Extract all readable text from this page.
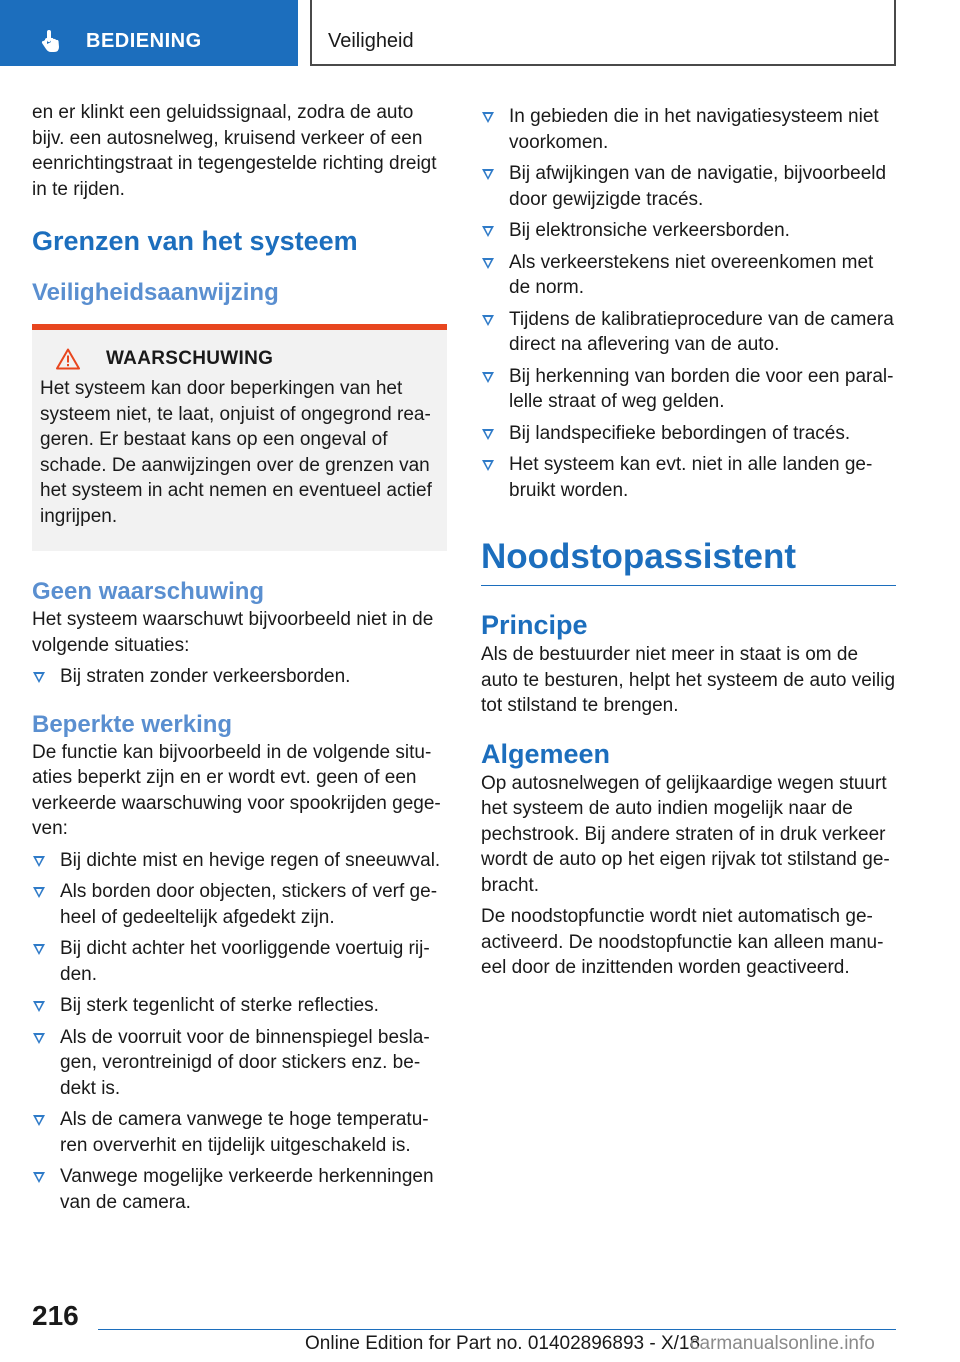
BEDIENING	Veiligheid

en er klinkt een geluidssignaal, zodra de auto bijv. een autosnelweg, kruisend verkeer of een eenrichtingstraat in tegengestelde richting dreigt in te rijden.

Grenzen van het systeem
Veiligheidsaanwijzing
WAARSCHUWING

Het systeem kan door beperkingen van het systeem niet, te laat, onjuist of ongegrond reageren. Er bestaat kans op een ongeval of schade. De aanwijzingen over de grenzen van het systeem in acht nemen en eventueel actief ingrijpen.

Geen waarschuwing

Het systeem waarschuwt bijvoorbeeld niet in de volgende situaties:

Bij straten zonder verkeersborden.
Beperkte werking

De functie kan bijvoorbeeld in de volgende situaties beperkt zijn en er wordt evt. geen of een verkeerde waarschuwing voor spookrijden gegeven:

Bij dichte mist en hevige regen of sneeuwval.
Als borden door objecten, stickers of verf geheel of gedeeltelijk afgedekt zijn.
Bij dicht achter het voorliggende voertuig rijden.
Bij sterk tegenlicht of sterke reflecties.
Als de voorruit voor de binnenspiegel beslagen, verontreinigd of door stickers enz. bedekt is.
Als de camera vanwege te hoge temperaturen oververhit en tijdelijk uitgeschakeld is.
Vanwege mogelijke verkeerde herkenningen van de camera.
In gebieden die in het navigatiesysteem niet voorkomen.
Bij afwijkingen van de navigatie, bijvoorbeeld door gewijzigde tracés.
Bij elektronsiche verkeersborden.
Als verkeerstekens niet overeenkomen met de norm.
Tijdens de kalibratieprocedure van de camera direct na aflevering van de auto.
Bij herkenning van borden die voor een parallelle straat of weg gelden.
Bij landspecifieke bebordingen of tracés.
Het systeem kan evt. niet in alle landen gebruikt worden.
Noodstopassistent
Principe

Als de bestuurder niet meer in staat is om de auto te besturen, helpt het systeem de auto veilig tot stilstand te brengen.

Algemeen

Op autosnelwegen of gelijkaardige wegen stuurt het systeem de auto indien mogelijk naar de pechstrook. Bij andere straten of in druk verkeer wordt de auto op het eigen rijvak tot stilstand gebracht.

De noodstopfunctie wordt niet automatisch geactiveerd. De noodstopfunctie kan alleen manueel door de inzittenden worden geactiveerd.

216
Online Edition for Part no. 01402896893 - X/18
carmanualsonline.info
